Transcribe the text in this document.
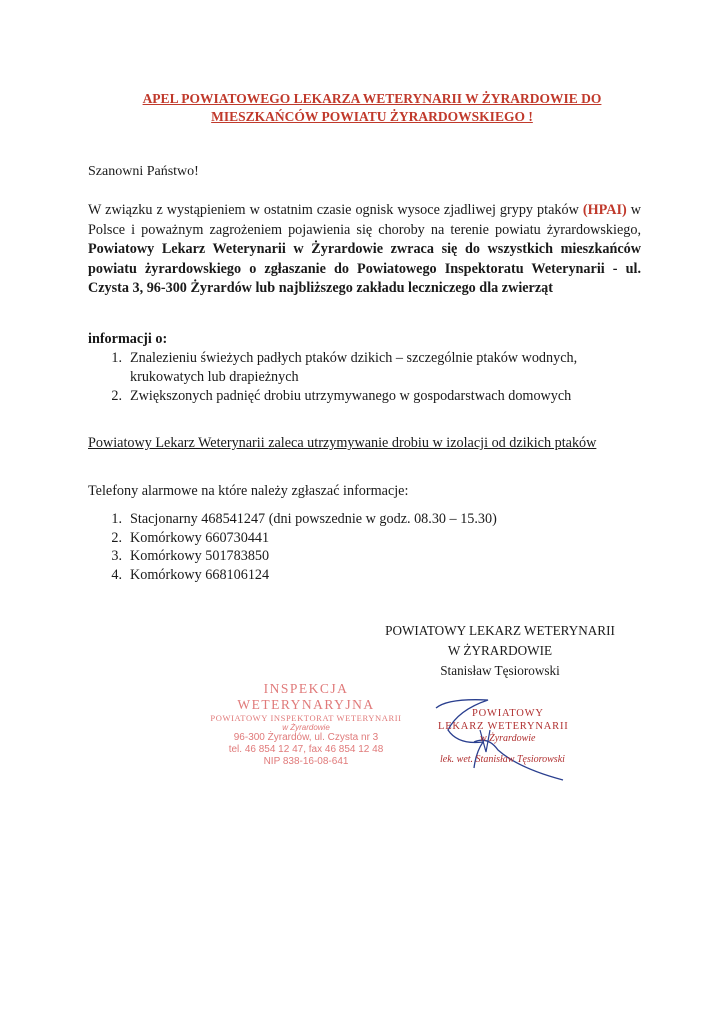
APEL POWIATOWEGO LEKARZA WETERYNARII W ŻYRARDOWIE DO
MIESZKAŃCÓW POWIATU ŻYRARDOWSKIEGO !
Szanowni Państwo!
W związku z wystąpieniem w ostatnim czasie ognisk wysoce zjadliwej grypy ptaków (HPAI) w Polsce i poważnym zagrożeniem pojawienia się choroby na terenie powiatu żyrardowskiego, Powiatowy Lekarz Weterynarii w Żyrardowie zwraca się do wszystkich mieszkańców powiatu żyrardowskiego o zgłaszanie do Powiatowego Inspektoratu Weterynarii - ul. Czysta 3, 96-300 Żyrardów lub najbliższego zakładu leczniczego dla zwierząt
informacji o:
1. Znalezieniu świeżych padłych ptaków dzikich – szczególnie ptaków wodnych, krukowatych lub drapieżnych
2. Zwiększonych padnięć drobiu utrzymywanego w gospodarstwach domowych
Powiatowy Lekarz Weterynarii zaleca utrzymywanie drobiu w izolacji od dzikich ptaków
Telefony alarmowe na które należy zgłaszać informacje:
1. Stacjonarny 468541247 (dni powszednie w godz. 08.30 – 15.30)
2. Komórkowy 660730441
3. Komórkowy 501783850
4. Komórkowy 668106124
POWIATOWY LEKARZ WETERYNARII
W ŻYRARDOWIE
Stanisław Tęsiorowski
INSPEKCJA WETERYNARYJNA
POWIATOWY INSPEKTORAT WETERYNARII
w Żyrardowie
96-300 Żyrardów, ul. Czysta nr 3
tel. 46 854 12 47, fax 46 854 12 48
NIP 838-16-08-641
POWIATOWY
LEKARZ WETERYNARII
w Żyrardowie
lek. wet. Stanisław Tęsiorowski
